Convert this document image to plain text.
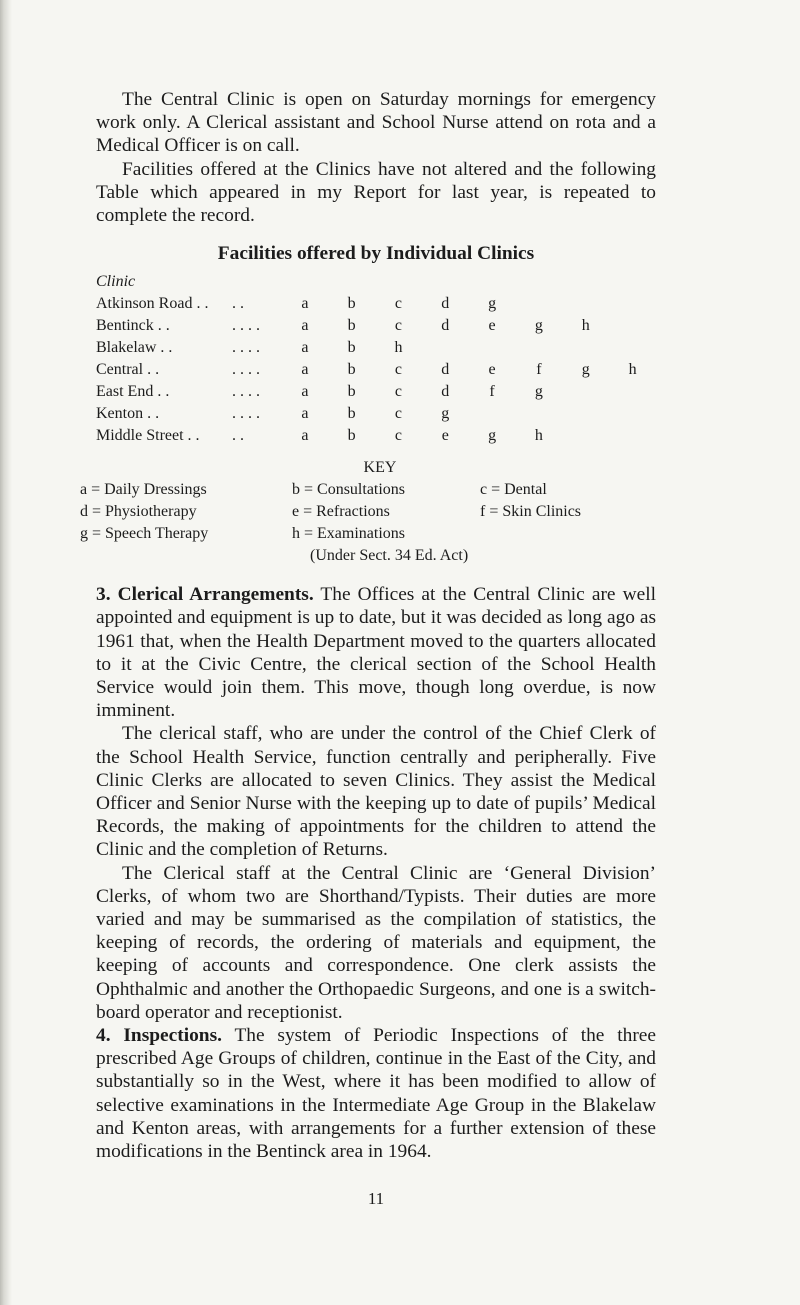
The Central Clinic is open on Saturday mornings for emergency work only. A Clerical assistant and School Nurse attend on rota and a Medical Officer is on call.

Facilities offered at the Clinics have not altered and the following Table which appeared in my Report for last year, is repeated to complete the record.

Facilities offered by Individual Clinics
Clinic
Atkinson Road . .	. .	a	b	c	d	g			
Bentinck . .	. . . .	a	b	c	d	e	g	h	
Blakelaw . .	. . . .	a	b	h					
Central . .	. . . .	a	b	c	d	e	f	g	h
East End . .	. . . .	a	b	c	d	f	g		
Kenton . .	. . . .	a	b	c	g				
Middle Street . .	. .	a	b	c	e	g	h		
KEY
a = Daily Dressings	b = Consultations	c = Dental
d = Physiotherapy	e = Refractions	f = Skin Clinics
g = Speech Therapy	h = Examinations
(Under Sect. 34 Ed. Act)

3. Clerical Arrangements. The Offices at the Central Clinic are well appointed and equipment is up to date, but it was decided as long ago as 1961 that, when the Health Department moved to the quarters allocated to it at the Civic Centre, the clerical section of the School Health Service would join them. This move, though long overdue, is now imminent.

The clerical staff, who are under the control of the Chief Clerk of the School Health Service, function centrally and peripherally. Five Clinic Clerks are allocated to seven Clinics. They assist the Medical Officer and Senior Nurse with the keeping up to date of pupils’ Medical Records, the making of appointments for the children to attend the Clinic and the completion of Returns.

The Clerical staff at the Central Clinic are ‘General Division’ Clerks, of whom two are Shorthand/Typists. Their duties are more varied and may be summarised as the compilation of statistics, the keeping of records, the ordering of materials and equipment, the keeping of accounts and correspondence. One clerk assists the Ophthalmic and another the Orthopaedic Surgeons, and one is a switch-board operator and receptionist.

4. Inspections. The system of Periodic Inspections of the three prescribed Age Groups of children, continue in the East of the City, and substantially so in the West, where it has been modified to allow of selective examinations in the Intermediate Age Group in the Blakelaw and Kenton areas, with arrangements for a further extension of these modifications in the Bentinck area in 1964.

11
